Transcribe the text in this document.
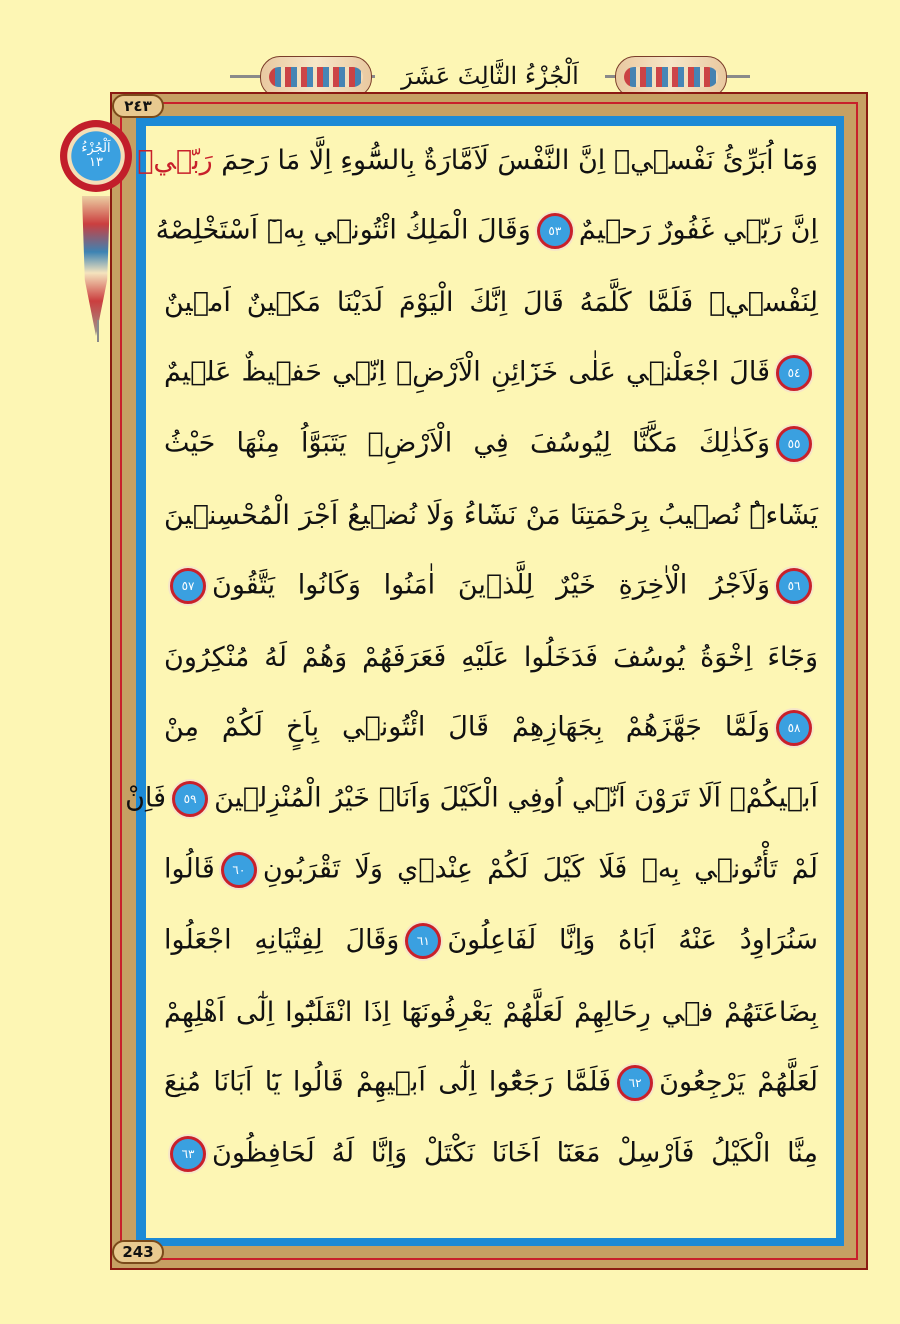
اَلْجُزْءُ الثَّالِثَ عَشَرَ
اَلْجُزْءُ
١٣
٢٤٣
243
وَمَٓا اُبَرِّئُ نَفْسٖيۚ اِنَّ النَّفْسَ لَاَمَّارَةٌ بِالسُّٓوءِ اِلَّا مَا رَحِمَ رَبّٖيۜ
اِنَّ رَبّٖي غَفُورٌ رَح۪يمٌ٥٣وَقَالَ الْمَلِكُ ائْتُونٖي بِهٖٓ اَسْتَخْلِصْهُ
لِنَفْسٖيۚ فَلَمَّا كَلَّمَهُ قَالَ اِنَّكَ الْيَوْمَ لَدَيْنَا مَكٖينٌ اَم۪ينٌ
٥٤قَالَ اجْعَلْنٖي عَلٰى خَزَٓائِنِ الْاَرْضِۚ اِنّٖي حَف۪يظٌ عَل۪يمٌ
٥٥وَكَذٰلِكَ مَكَّنَّا لِيُوسُفَ فِي الْاَرْضِۚ يَتَبَوَّاُ مِنْهَا حَيْثُ
يَشَٓاءُۜ نُص۪يبُ بِرَحْمَتِنَا مَنْ نَشَٓاءُ وَلَا نُض۪يعُ اَجْرَ الْمُحْسِن۪ينَ
٥٦وَلَاَجْرُ الْاٰخِرَةِ خَيْرٌ لِلَّذ۪ينَ اٰمَنُوا وَكَانُوا يَتَّقُونَ٥٧
وَجَٓاءَ اِخْوَةُ يُوسُفَ فَدَخَلُوا عَلَيْهِ فَعَرَفَهُمْ وَهُمْ لَهُ مُنْكِرُونَ
٥٨وَلَمَّا جَهَّزَهُمْ بِجَهَازِهِمْ قَالَ ائْتُونٖي بِاَخٍ لَكُمْ مِنْ
اَب۪يكُمْۚ اَلَا تَرَوْنَ اَنّٖٓي اُوفِي الْكَيْلَ وَاَنَا۬ خَيْرُ الْمُنْزِل۪ينَ٥٩فَاِنْ
لَمْ تَأْتُونٖي بِهٖ فَلَا كَيْلَ لَكُمْ عِنْدٖي وَلَا تَقْرَبُونِ٦٠قَالُوا
سَنُرَاوِدُ عَنْهُ اَبَاهُ وَاِنَّا لَفَاعِلُونَ٦١وَقَالَ لِفِتْيَانِهِ اجْعَلُوا
بِضَاعَتَهُمْ فٖي رِحَالِهِمْ لَعَلَّهُمْ يَعْرِفُونَهَٓا اِذَا انْقَلَبُٓوا اِلٰٓى اَهْلِهِمْ
لَعَلَّهُمْ يَرْجِعُونَ٦٢فَلَمَّا رَجَعُٓوا اِلٰٓى اَب۪يهِمْ قَالُوا يَٓا اَبَانَا مُنِعَ
مِنَّا الْكَيْلُ فَاَرْسِلْ مَعَنَٓا اَخَانَا نَكْتَلْ وَاِنَّا لَهُ لَحَافِظُونَ٦٣
